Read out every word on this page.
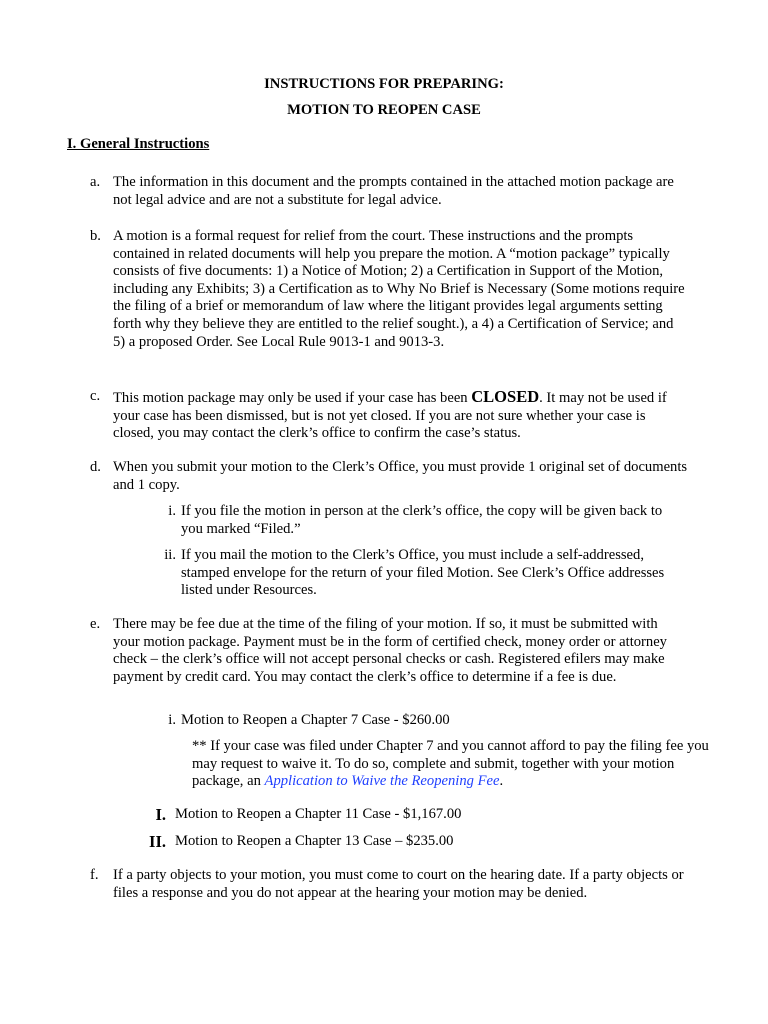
INSTRUCTIONS FOR PREPARING:
MOTION TO REOPEN CASE
I. General Instructions
a. The information in this document and the prompts contained in the attached motion package are not legal advice and are not a substitute for legal advice.
b. A motion is a formal request for relief from the court. These instructions and the prompts contained in related documents will help you prepare the motion. A “motion package” typically consists of five documents: 1) a Notice of Motion; 2) a Certification in Support of the Motion, including any Exhibits; 3) a Certification as to Why No Brief is Necessary (Some motions require the filing of a brief or memorandum of law where the litigant provides legal arguments setting forth why they believe they are entitled to the relief sought.), a 4) a Certification of Service; and 5) a proposed Order. See Local Rule 9013-1 and 9013-3.
c. This motion package may only be used if your case has been CLOSED. It may not be used if your case has been dismissed, but is not yet closed. If you are not sure whether your case is closed, you may contact the clerk’s office to confirm the case’s status.
d. When you submit your motion to the Clerk’s Office, you must provide 1 original set of documents and 1 copy.
i. If you file the motion in person at the clerk’s office, the copy will be given back to you marked “Filed.”
ii. If you mail the motion to the Clerk’s Office, you must include a self-addressed, stamped envelope for the return of your filed Motion. See Clerk’s Office addresses listed under Resources.
e. There may be fee due at the time of the filing of your motion. If so, it must be submitted with your motion package. Payment must be in the form of certified check, money order or attorney check – the clerk’s office will not accept personal checks or cash. Registered efilers may make payment by credit card. You may contact the clerk’s office to determine if a fee is due.
i. Motion to Reopen a Chapter 7 Case - $260.00
** If your case was filed under Chapter 7 and you cannot afford to pay the filing fee you may request to waive it. To do so, complete and submit, together with your motion package, an Application to Waive the Reopening Fee.
I. Motion to Reopen a Chapter 11 Case - $1,167.00
II. Motion to Reopen a Chapter 13 Case – $235.00
f. If a party objects to your motion, you must come to court on the hearing date. If a party objects or files a response and you do not appear at the hearing your motion may be denied.
